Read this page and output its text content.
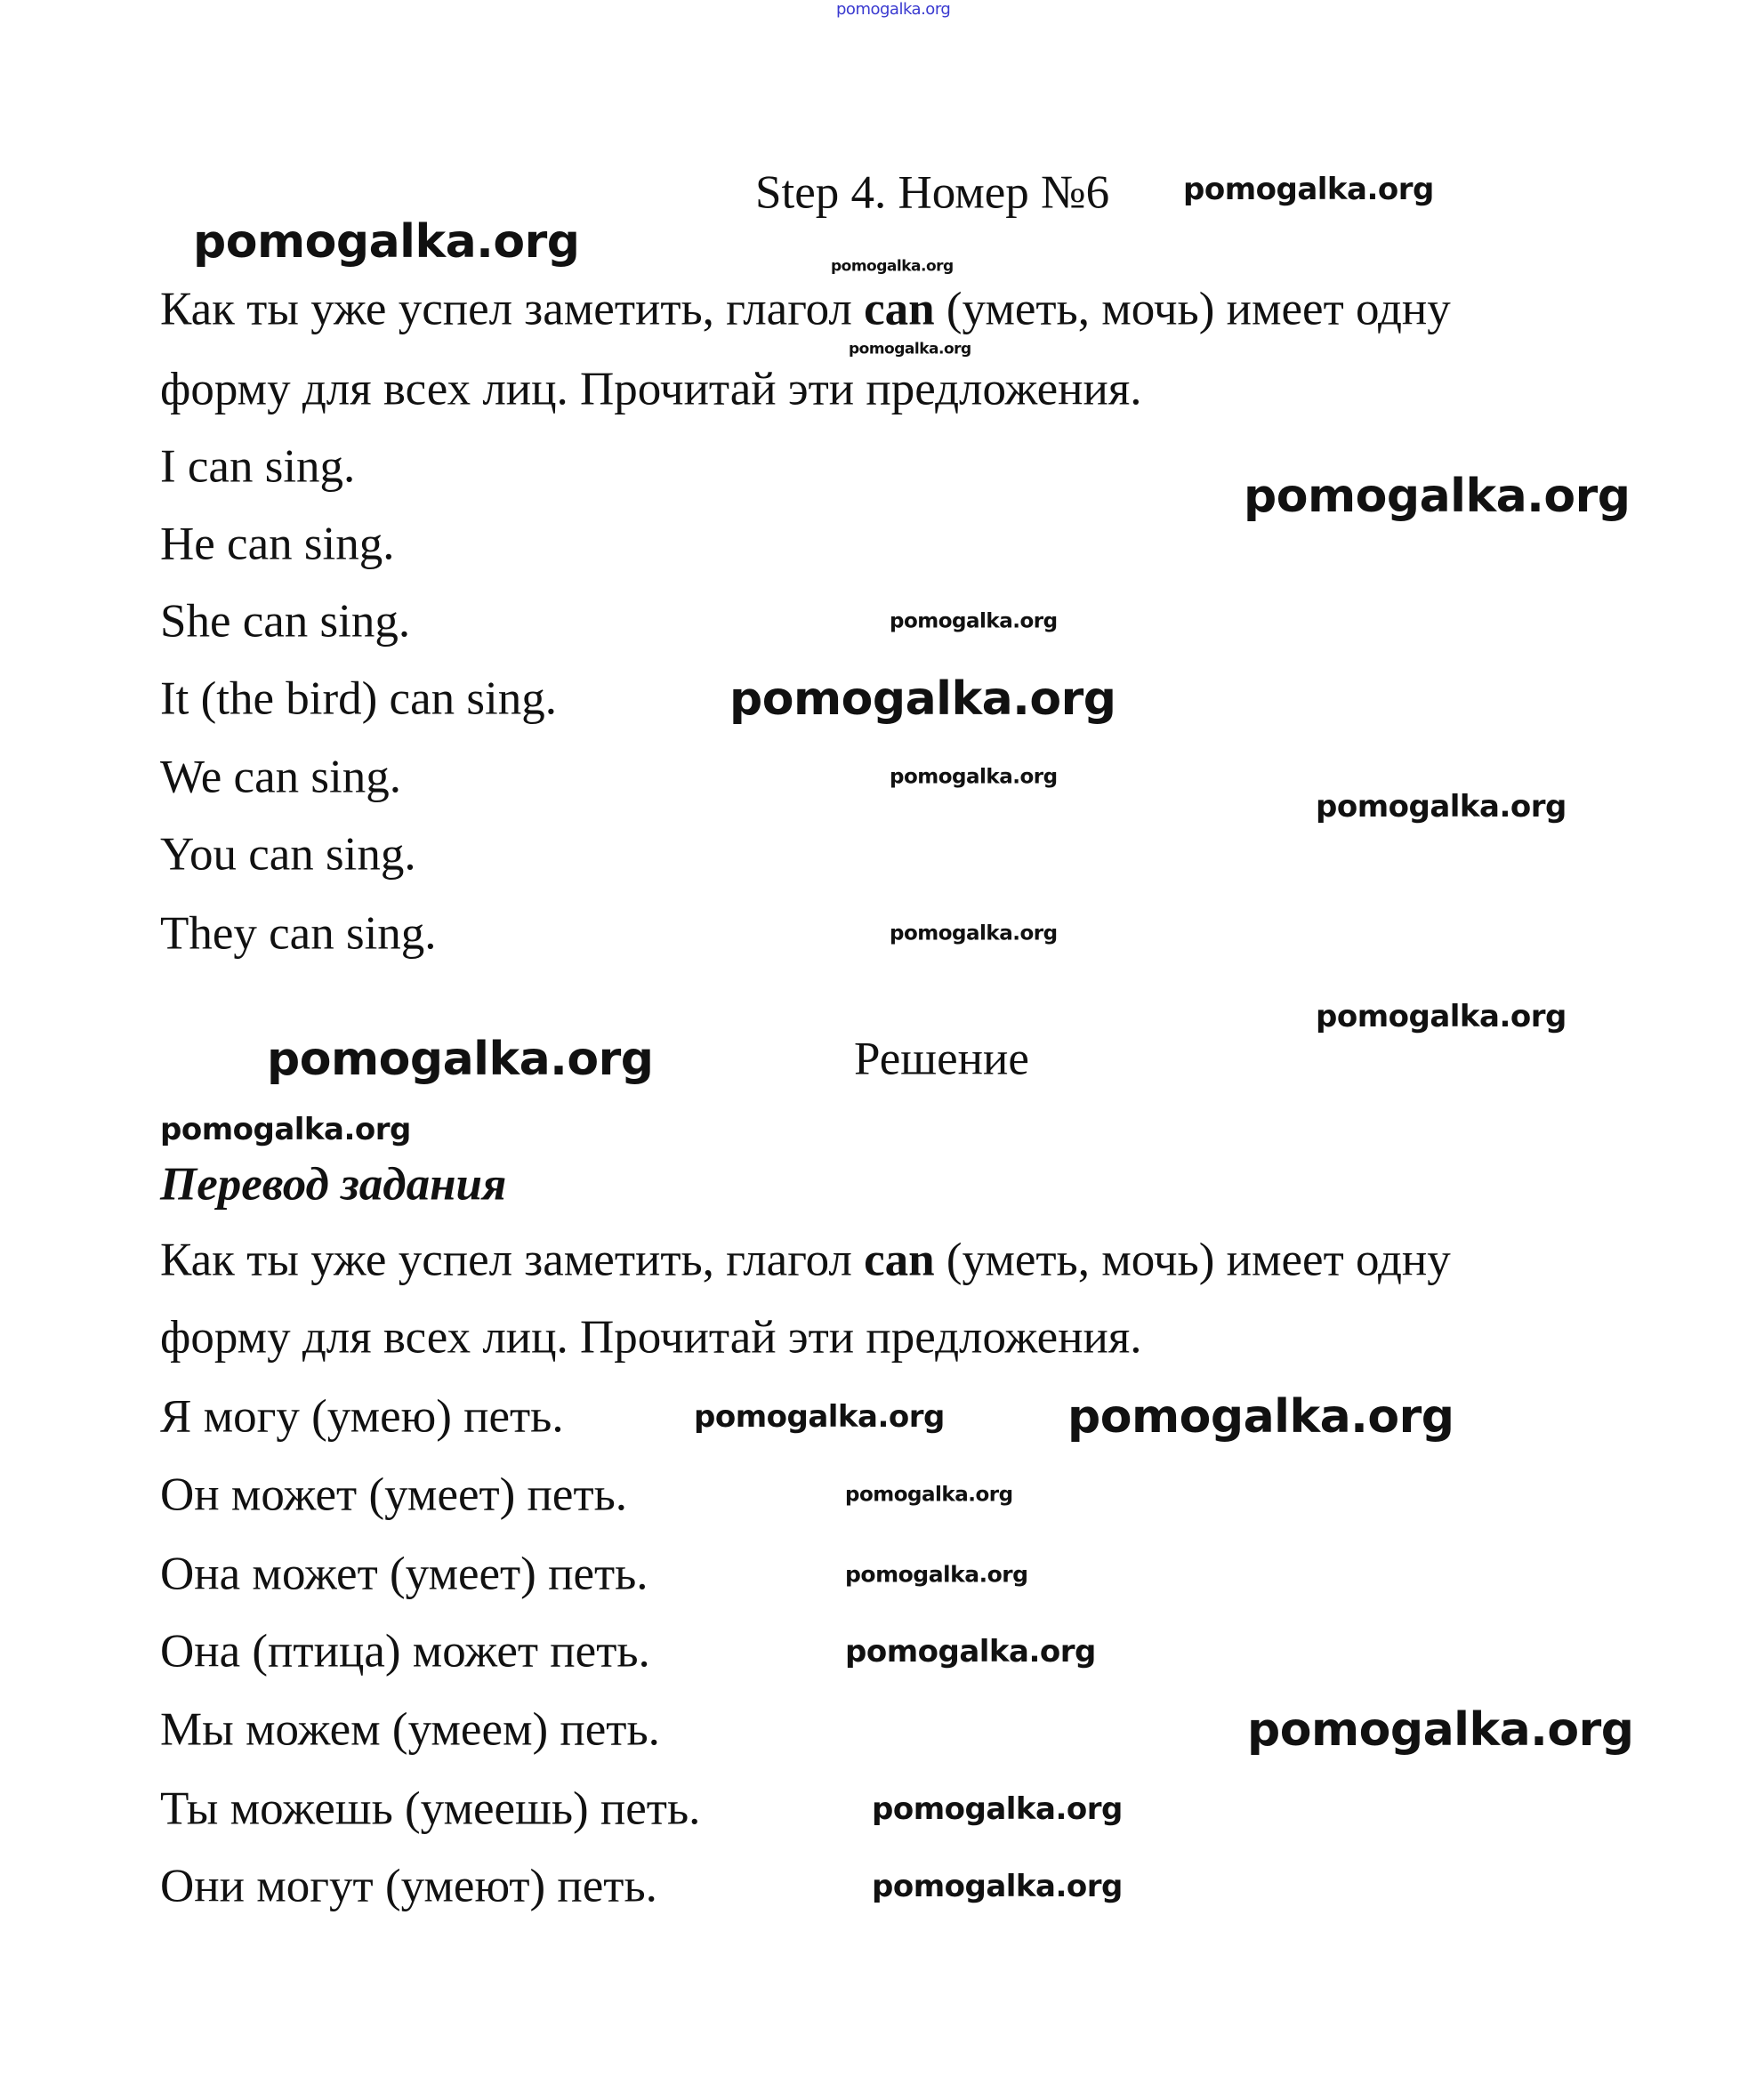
pomogalka.org
Step 4. Номер №6
Как ты уже успел заметить, глагол can (уметь, мочь) имеет одну
форму для всех лиц. Прочитай эти предложения.
I can sing.
He can sing.
She can sing.
It (the bird) can sing.
We can sing.
You can sing.
They can sing.
Решение
Перевод задания
Как ты уже успел заметить, глагол can (уметь, мочь) имеет одну
форму для всех лиц. Прочитай эти предложения.
Я могу (умею) петь.
Он может (умеет) петь.
Она может (умеет) петь.
Она (птица) может петь.
Мы можем (умеем) петь.
Ты можешь (умеешь) петь.
Они могут (умеют) петь.
pomogalka.org
pomogalka.org	pomogalka.org
pomogalka.org
pomogalka.org
pomogalka.org
pomogalka.org
pomogalka.org
pomogalka.org
pomogalka.org
pomogalka.org
pomogalka.org
pomogalka.org
pomogalka.org	pomogalka.org
pomogalka.org
pomogalka.org
pomogalka.org
pomogalka.org
pomogalka.org
pomogalka.org
